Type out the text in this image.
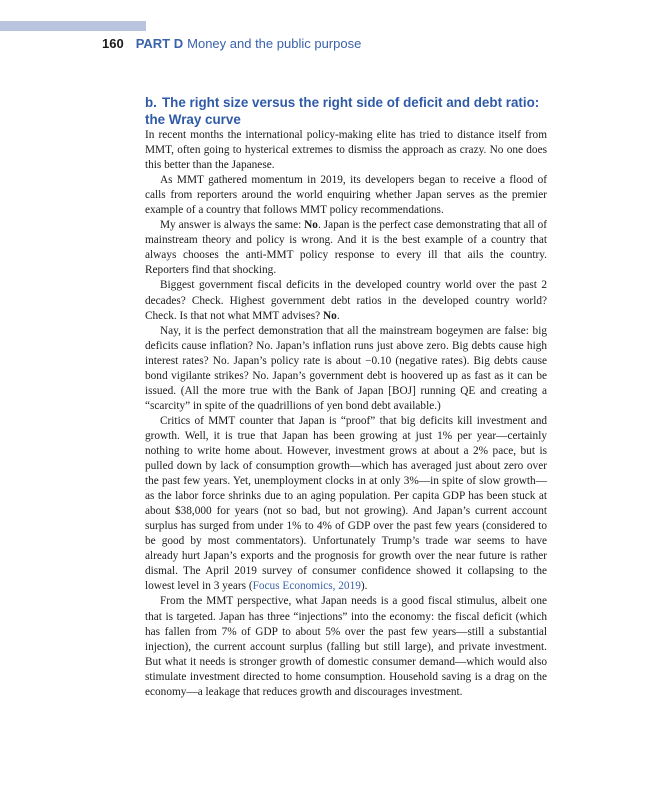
160 PART D Money and the public purpose
b. The right size versus the right side of deficit and debt ratio: the Wray curve

In recent months the international policy-making elite has tried to distance itself from MMT, often going to hysterical extremes to dismiss the approach as crazy. No one does this better than the Japanese.

As MMT gathered momentum in 2019, its developers began to receive a flood of calls from reporters around the world enquiring whether Japan serves as the premier example of a country that follows MMT policy recommendations.

My answer is always the same: No. Japan is the perfect case demonstrating that all of mainstream theory and policy is wrong. And it is the best example of a country that always chooses the anti-MMT policy response to every ill that ails the country. Reporters find that shocking.

Biggest government fiscal deficits in the developed country world over the past 2 decades? Check. Highest government debt ratios in the developed country world? Check. Is that not what MMT advises? No.

Nay, it is the perfect demonstration that all the mainstream bogeymen are false: big deficits cause inflation? No. Japan’s inflation runs just above zero. Big debts cause high interest rates? No. Japan’s policy rate is about −0.10 (negative rates). Big debts cause bond vigilante strikes? No. Japan’s government debt is hoovered up as fast as it can be issued. (All the more true with the Bank of Japan [BOJ] running QE and creating a “scarcity” in spite of the quadrillions of yen bond debt available.)

Critics of MMT counter that Japan is “proof” that big deficits kill investment and growth. Well, it is true that Japan has been growing at just 1% per year—certainly nothing to write home about. However, investment grows at about a 2% pace, but is pulled down by lack of consumption growth—which has averaged just about zero over the past few years. Yet, unemployment clocks in at only 3%—in spite of slow growth—as the labor force shrinks due to an aging population. Per capita GDP has been stuck at about $38,000 for years (not so bad, but not growing). And Japan’s current account surplus has surged from under 1% to 4% of GDP over the past few years (considered to be good by most commentators). Unfortunately Trump’s trade war seems to have already hurt Japan’s exports and the prognosis for growth over the near future is rather dismal. The April 2019 survey of consumer confidence showed it collapsing to the lowest level in 3 years (Focus Economics, 2019).

From the MMT perspective, what Japan needs is a good fiscal stimulus, albeit one that is targeted. Japan has three “injections” into the economy: the fiscal deficit (which has fallen from 7% of GDP to about 5% over the past few years—still a substantial injection), the current account surplus (falling but still large), and private investment. But what it needs is stronger growth of domestic consumer demand—which would also stimulate investment directed to home consumption. Household saving is a drag on the economy—a leakage that reduces growth and discourages investment.
